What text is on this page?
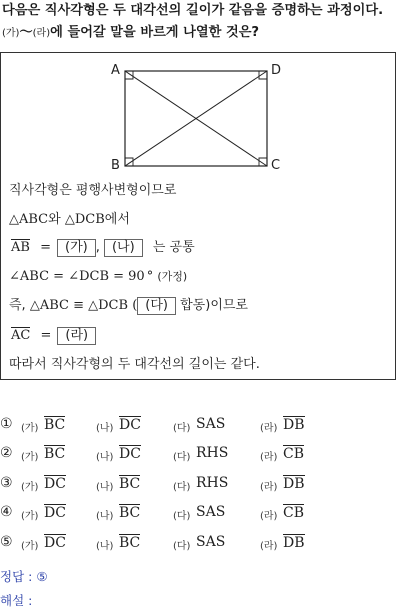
다음은 직사각형은 두 대각선의 길이가 같음을 증명하는 과정이다.
(가)～(라)에 들어갈 말을 바르게 나열한 것은?
A	D
B	C
직사각형은 평행사변형이므로
△ABC와 △DCB에서
AB = (가) , (나) 는 공통
∠ABC = ∠DCB = 90 ° (가정)
즉, △ABC ≡ △DCB ( (다) 합동)이므로
AC = (라)
따라서 직사각형의 두 대각선의 길이는 같다.
① (가) BC	(나) DC	(다) SAS	(라) DB
② (가) BC	(나) DC	(다) RHS	(라) CB
③ (가) DC	(나) BC	(다) RHS	(라) DB
④ (가) DC	(나) BC	(다) SAS	(라) CB
⑤ (가) DC	(나) BC	(다) SAS	(라) DB
정답 : ⑤
해설 :
